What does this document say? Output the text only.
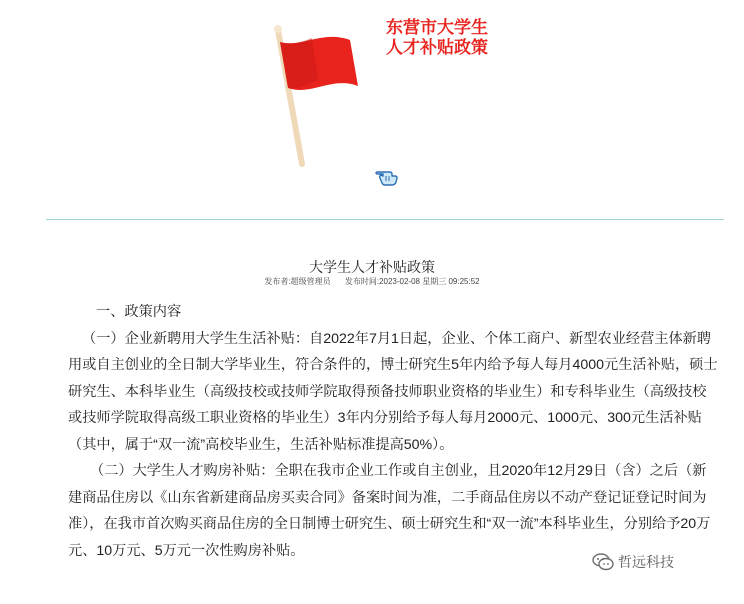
东营市大学生
人才补贴政策
大学生人才补贴政策
发布者:超级管理员 发布时间:2023-02-08 星期三 09:25:52

一、政策内容

（一）企业新聘用大学生生活补贴：自2022年7月1日起，企业、个体工商户、新型农业经营主体新聘用或自主创业的全日制大学毕业生，符合条件的，博士研究生5年内给予每人每月4000元生活补贴，硕士研究生、本科毕业生（高级技校或技师学院取得预备技师职业资格的毕业生）和专科毕业生（高级技校或技师学院取得高级工职业资格的毕业生）3年内分别给予每人每月2000元、1000元、300元生活补贴（其中，属于“双一流”高校毕业生，生活补贴标准提高50%）。

（二）大学生人才购房补贴：全职在我市企业工作或自主创业，且2020年12月29日（含）之后（新建商品住房以《山东省新建商品房买卖合同》备案时间为准，二手商品住房以不动产登记证登记时间为准），在我市首次购买商品住房的全日制博士研究生、硕士研究生和“双一流”本科毕业生，分别给予20万元、10万元、5万元一次性购房补贴。

哲远科技
